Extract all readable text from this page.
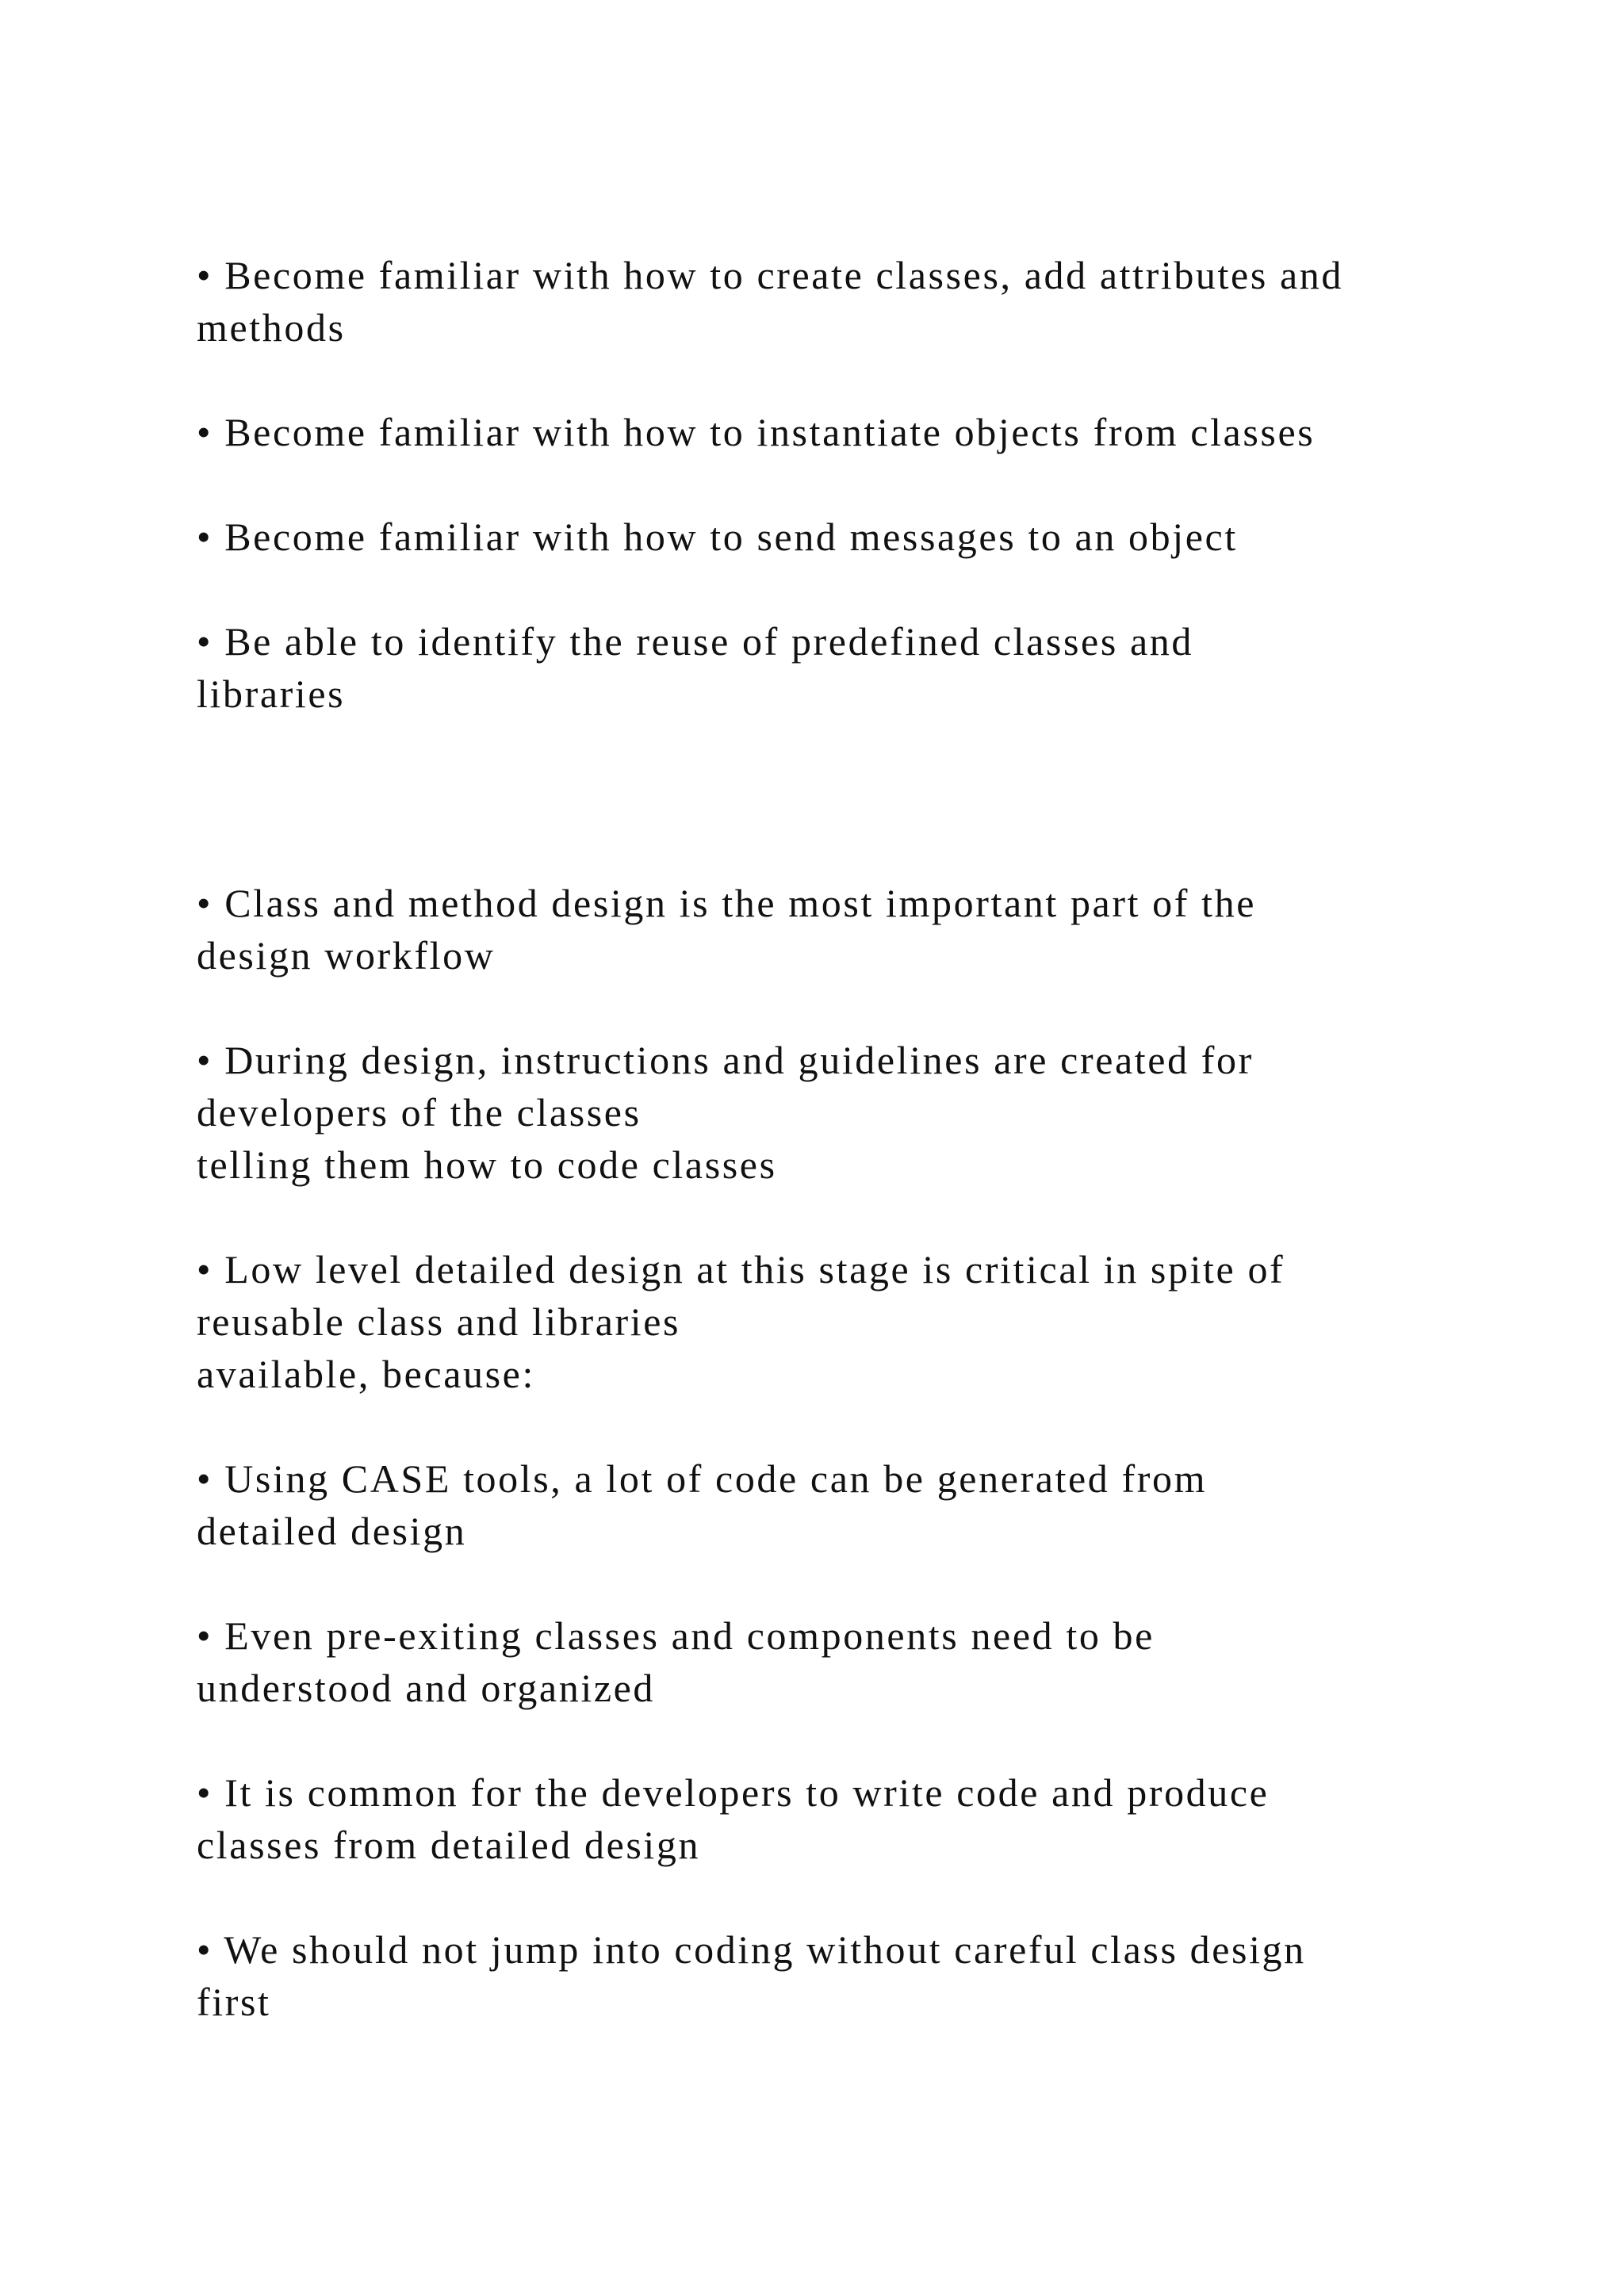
• Become familiar with how to create classes, add attributes and

methods

• Become familiar with how to instantiate objects from classes

• Become familiar with how to send messages to an object

• Be able to identify the reuse of predefined classes and

libraries

• Class and method design is the most important part of the

design workflow

• During design, instructions and guidelines are created for

developers of the classes

telling them how to code classes

• Low level detailed design at this stage is critical in spite of

reusable class and libraries

available, because:

• Using CASE tools, a lot of code can be generated from

detailed design

• Even pre-exiting classes and components need to be

understood and organized

• It is common for the developers to write code and produce

classes from detailed design

• We should not jump into coding without careful class design

first
